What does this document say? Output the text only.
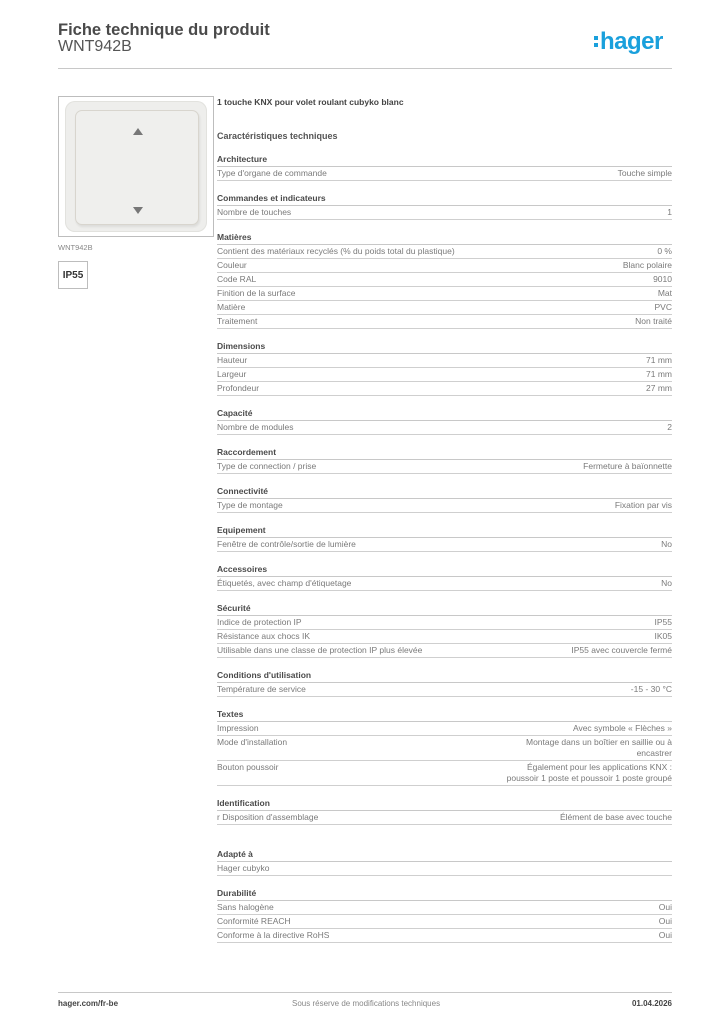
Fiche technique du produit
WNT942B	hager
WNT942B
IP55
1 touche KNX pour volet roulant cubyko blanc
Caractéristiques techniques
Architecture
Type d'organe de commande	Touche simple
Commandes et indicateurs
Nombre de touches	1
Matières
Contient des matériaux recyclés (% du poids total du plastique)	0 %
Couleur	Blanc polaire
Code RAL	9010
Finition de la surface	Mat
Matière	PVC
Traitement	Non traité
Dimensions
Hauteur	71 mm
Largeur	71 mm
Profondeur	27 mm
Capacité
Nombre de modules	2
Raccordement
Type de connection / prise	Fermeture à baïonnette
Connectivité
Type de montage	Fixation par vis
Equipement
Fenêtre de contrôle/sortie de lumière	No
Accessoires
Étiquetés, avec champ d'étiquetage	No
Sécurité
Indice de protection IP	IP55
Résistance aux chocs IK	IK05
Utilisable dans une classe de protection IP plus élevée	IP55 avec couvercle fermé
Conditions d'utilisation
Température de service	-15 - 30 °C
Textes
Impression	Avec symbole « Flèches »
Mode d'installation	Montage dans un boîtier en saillie ou à encastrer
Bouton poussoir	Également pour les applications KNX : poussoir 1 poste et poussoir 1 poste groupé
Identification
r Disposition d'assemblage	Élément de base avec touche
Adapté à
Hager cubyko
Durabilité
Sans halogène	Oui
Conformité REACH	Oui
Conforme à la directive RoHS	Oui
hager.com/fr-be	Sous réserve de modifications techniques	01.04.2026
